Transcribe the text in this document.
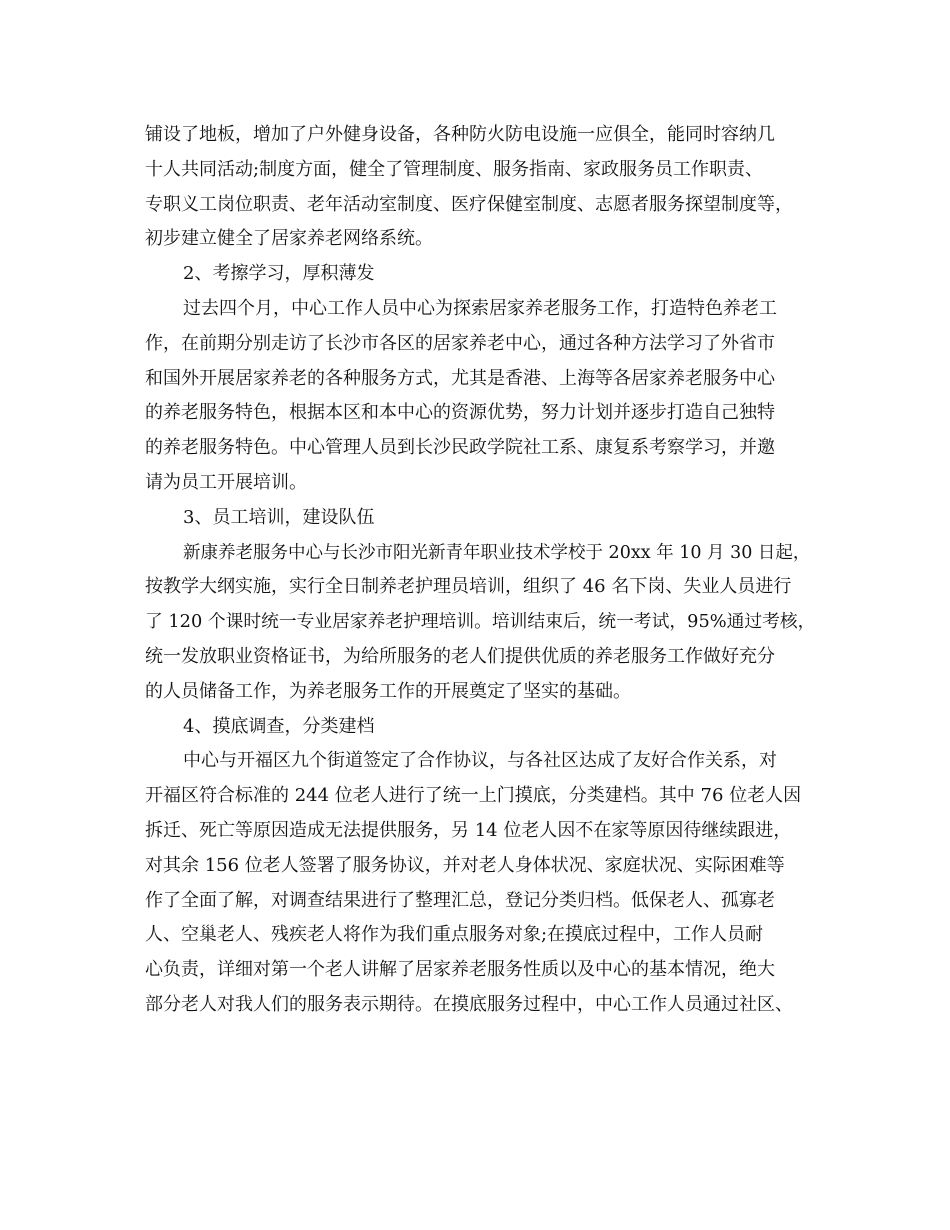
铺设了地板，增加了户外健身设备，各种防火防电设施一应俱全，能同时容纳几
十人共同活动;制度方面，健全了管理制度、服务指南、家政服务员工作职责、
专职义工岗位职责、老年活动室制度、医疗保健室制度、志愿者服务探望制度等，
初步建立健全了居家养老网络系统。
2、考擦学习，厚积薄发
过去四个月，中心工作人员中心为探索居家养老服务工作，打造特色养老工
作，在前期分别走访了长沙市各区的居家养老中心，通过各种方法学习了外省市
和国外开展居家养老的各种服务方式，尤其是香港、上海等各居家养老服务中心
的养老服务特色，根据本区和本中心的资源优势，努力计划并逐步打造自己独特
的养老服务特色。中心管理人员到长沙民政学院社工系、康复系考察学习，并邀
请为员工开展培训。
3、员工培训，建设队伍
新康养老服务中心与长沙市阳光新青年职业技术学校于 20xx 年 10 月 30 日起，
按教学大纲实施，实行全日制养老护理员培训，组织了 46 名下岗、失业人员进行
了 120 个课时统一专业居家养老护理培训。培训结束后，统一考试，95%通过考核，
统一发放职业资格证书，为给所服务的老人们提供优质的养老服务工作做好充分
的人员储备工作，为养老服务工作的开展奠定了坚实的基础。
4、摸底调查，分类建档
中心与开福区九个街道签定了合作协议，与各社区达成了友好合作关系，对
开福区符合标准的 244 位老人进行了统一上门摸底，分类建档。其中 76 位老人因
拆迁、死亡等原因造成无法提供服务，另 14 位老人因不在家等原因待继续跟进，
对其余 156 位老人签署了服务协议，并对老人身体状况、家庭状况、实际困难等
作了全面了解，对调查结果进行了整理汇总，登记分类归档。低保老人、孤寡老
人、空巢老人、残疾老人将作为我们重点服务对象;在摸底过程中，工作人员耐
心负责，详细对第一个老人讲解了居家养老服务性质以及中心的基本情况，绝大
部分老人对我人们的服务表示期待。在摸底服务过程中，中心工作人员通过社区、
